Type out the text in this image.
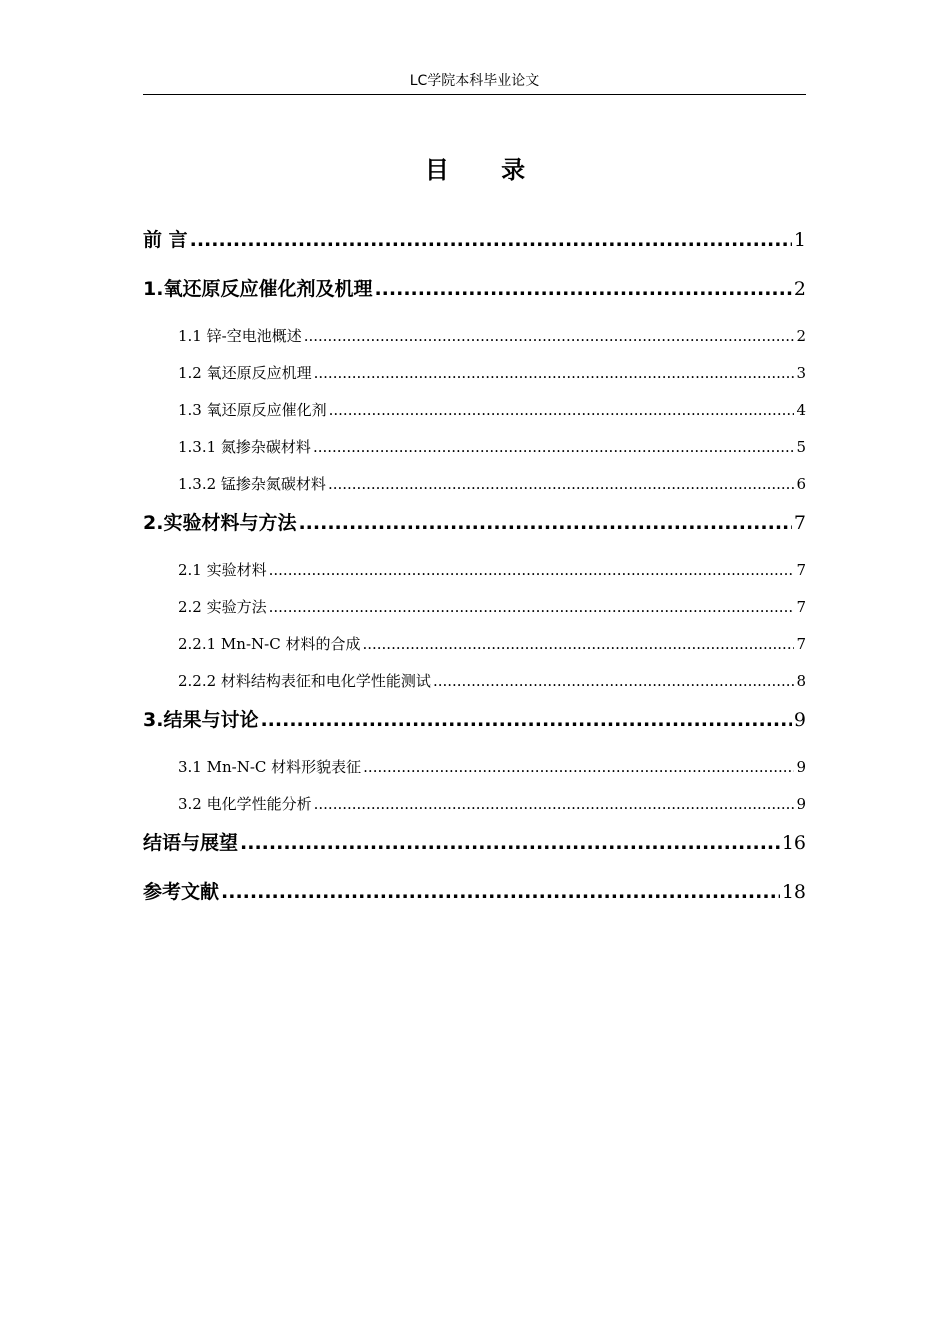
LC学院本科毕业论文
目 录
前 言 .....	1
1.氧还原反应催化剂及机理 .....	2
1.1 锌-空电池概述 .....	2
1.2 氧还原反应机理 .....	3
1.3 氧还原反应催化剂 .....	4
1.3.1 氮掺杂碳材料 .....	5
1.3.2 锰掺杂氮碳材料 .....	6
2.实验材料与方法 .....	7
2.1 实验材料 .....	7
2.2 实验方法 .....	7
2.2.1 Mn-N-C 材料的合成 .....	7
2.2.2 材料结构表征和电化学性能测试 .....	8
3.结果与讨论 .....	9
3.1 Mn-N-C 材料形貌表征 .....	9
3.2 电化学性能分析 .....	9
结语与展望 .....	16
参考文献 .....	18
